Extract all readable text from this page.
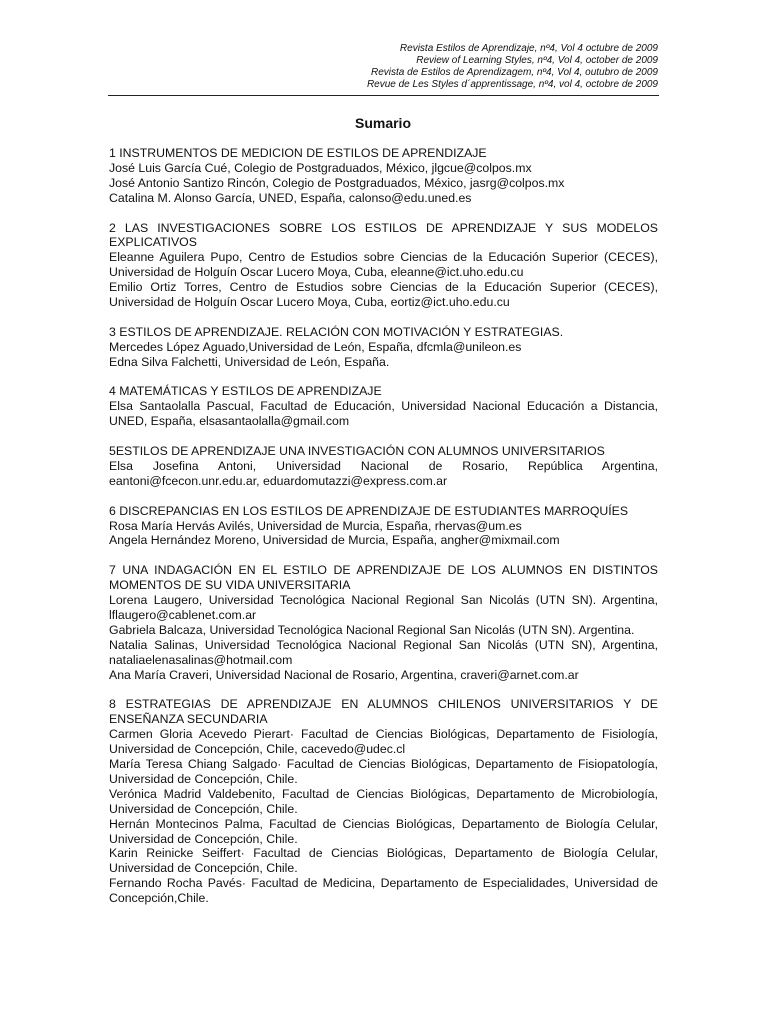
Revista Estilos de Aprendizaje, nº4, Vol 4 octubre de 2009
Review of Learning Styles, nº4, Vol 4, october de 2009
Revista de Estilos de Aprendizagem, nº4, Vol 4, outubro de 2009
Revue de Les Styles d´apprentissage, nº4, vol 4, octobre de 2009
Sumario

1 INSTRUMENTOS DE MEDICION DE ESTILOS DE APRENDIZAJE

José Luis García Cué, Colegio de Postgraduados, México, jlgcue@colpos.mx

José Antonio Santizo Rincón, Colegio de Postgraduados, México, jasrg@colpos.mx

Catalina M. Alonso García, UNED, España, calonso@edu.uned.es

2 LAS INVESTIGACIONES SOBRE LOS ESTILOS DE APRENDIZAJE Y SUS MODELOS EXPLICATIVOS

Eleanne Aguilera Pupo, Centro de Estudios sobre Ciencias de la Educación Superior (CECES), Universidad de Holguín Oscar Lucero Moya, Cuba, eleanne@ict.uho.edu.cu

Emilio Ortiz Torres, Centro de Estudios sobre Ciencias de la Educación Superior (CECES), Universidad de Holguín Oscar Lucero Moya, Cuba, eortiz@ict.uho.edu.cu

3 ESTILOS DE APRENDIZAJE. RELACIÓN CON MOTIVACIÓN Y ESTRATEGIAS.

Mercedes López Aguado,Universidad de León, España, dfcmla@unileon.es

Edna Silva Falchetti, Universidad de León, España.

4 MATEMÁTICAS Y ESTILOS DE APRENDIZAJE

Elsa Santaolalla Pascual, Facultad de Educación, Universidad Nacional Educación a Distancia, UNED, España, elsasantaolalla@gmail.com

5ESTILOS DE APRENDIZAJE UNA INVESTIGACIÓN CON ALUMNOS UNIVERSITARIOS

Elsa Josefina Antoni, Universidad Nacional de Rosario, República Argentina, eantoni@fcecon.unr.edu.ar, eduardomutazzi@express.com.ar

6 DISCREPANCIAS EN LOS ESTILOS DE APRENDIZAJE DE ESTUDIANTES MARROQUÍES

Rosa María Hervás Avilés, Universidad de Murcia, España, rhervas@um.es

Angela Hernández Moreno, Universidad de Murcia, España, angher@mixmail.com

7 UNA INDAGACIÓN EN EL ESTILO DE APRENDIZAJE DE LOS ALUMNOS EN DISTINTOS MOMENTOS DE SU VIDA UNIVERSITARIA

Lorena Laugero, Universidad Tecnológica Nacional Regional San Nicolás (UTN SN). Argentina, lflaugero@cablenet.com.ar

Gabriela Balcaza, Universidad Tecnológica Nacional Regional San Nicolás (UTN SN). Argentina.

Natalia Salinas, Universidad Tecnológica Nacional Regional San Nicolás (UTN SN), Argentina, nataliaelenasalinas@hotmail.com

Ana María Craveri, Universidad Nacional de Rosario, Argentina, craveri@arnet.com.ar

8 ESTRATEGIAS DE APRENDIZAJE EN ALUMNOS CHILENOS UNIVERSITARIOS Y DE ENSEÑANZA SECUNDARIA

Carmen Gloria Acevedo Pierart· Facultad de Ciencias Biológicas, Departamento de Fisiología, Universidad de Concepción, Chile, cacevedo@udec.cl

María Teresa Chiang Salgado· Facultad de Ciencias Biológicas, Departamento de Fisiopatología, Universidad de Concepción, Chile.

Verónica Madrid Valdebenito, Facultad de Ciencias Biológicas, Departamento de Microbiología, Universidad de Concepción, Chile.

Hernán Montecinos Palma, Facultad de Ciencias Biológicas, Departamento de Biología Celular, Universidad de Concepción, Chile.

Karin Reinicke Seiffert· Facultad de Ciencias Biológicas, Departamento de Biología Celular, Universidad de Concepción, Chile.

Fernando Rocha Pavés· Facultad de Medicina, Departamento de Especialidades, Universidad de Concepción,Chile.
